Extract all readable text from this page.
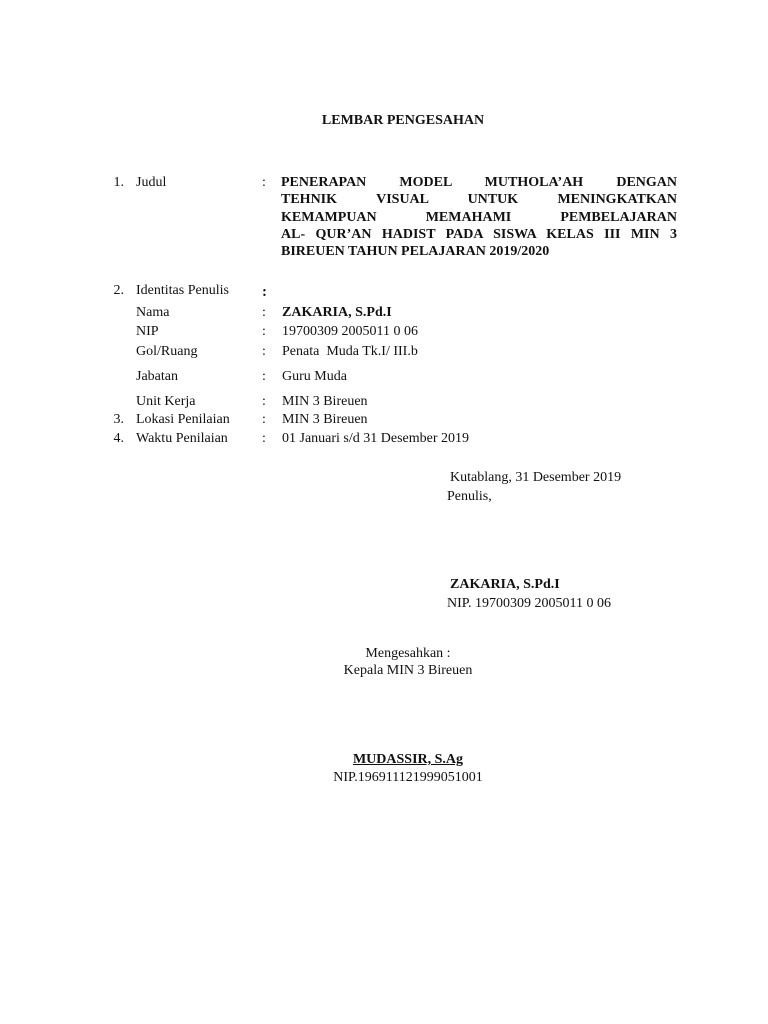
LEMBAR PENGESAHAN
1. Judul	: PENERAPAN MODEL MUTHOLA’AH DENGAN
TEHNIK VISUAL UNTUK MENINGKATKAN
KEMAMPUAN MEMAHAMI PEMBELAJARAN
AL- QUR’AN HADIST PADA SISWA KELAS III MIN 3
BIREUEN TAHUN PELAJARAN 2019/2020
2. Identitas Penulis :
Nama	: ZAKARIA, S.Pd.I
NIP	: 19700309 2005011 0 06
Gol/Ruang	: Penata  Muda Tk.I/ III.b
Jabatan	: Guru Muda
Unit Kerja	: MIN 3 Bireuen
3. Lokasi Penilaian : MIN 3 Bireuen
4. Waktu Penilaian : 01 Januari s/d 31 Desember 2019
Kutablang, 31 Desember 2019
Penulis,
ZAKARIA, S.Pd.I
NIP. 19700309 2005011 0 06
Mengesahkan :
Kepala MIN 3 Bireuen
MUDASSIR, S.Ag
NIP.196911121999051001
